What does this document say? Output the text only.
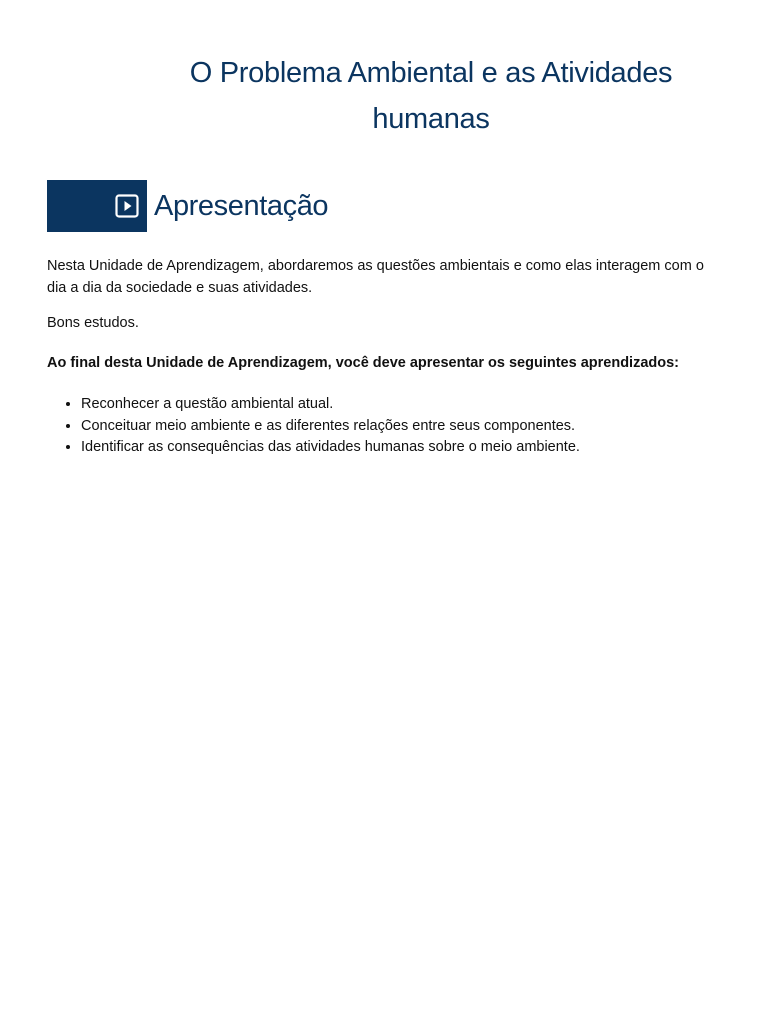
O Problema Ambiental e as Atividades humanas
Apresentação

Nesta Unidade de Aprendizagem, abordaremos as questões ambientais e como elas interagem com o dia a dia da sociedade e suas atividades.

Bons estudos.

Ao final desta Unidade de Aprendizagem, você deve apresentar os seguintes aprendizados:

• Reconhecer a questão ambiental atual.
• Conceituar meio ambiente e as diferentes relações entre seus componentes.
• Identificar as consequências das atividades humanas sobre o meio ambiente.
